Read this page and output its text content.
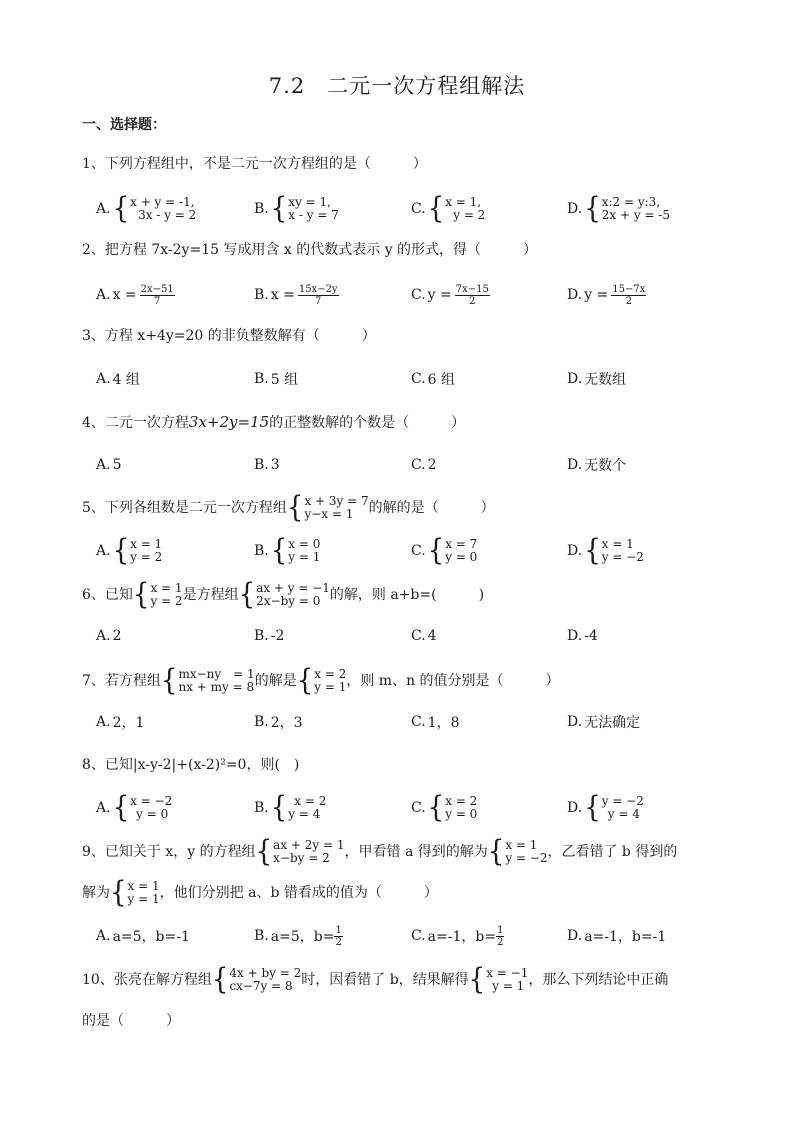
7.2　二元一次方程组解法
一、选择题：
1、下列方程组中，不是二元一次方程组的是（　　　）
A. { x + y = -1,
3x - y = 2	B. { xy = 1,
x - y = 7	C. { x = 1,
y = 2	D. { x:2 = y:3,
2x + y = -5
2、把方程 7x-2y=15 写成用含 x 的代数式表示 y 的形式，得（　　　）
A. $x = \frac{2x-51}{7}$	B. $x = \frac{15x-2y}{7}$	C. $y = \frac{7x-15}{2}$	D. $y = \frac{15-7x}{2}$
3、方程 x+4y=20 的非负整数解有（　　　）
A. 4 组	B. 5 组	C. 6 组	D. 无数组
4、二元一次方程3x+2y=15的正整数解的个数是（　　　）
A. 5	B. 3	C. 2	D. 无数个
5、下列各组数是二元一次方程组 { x + 3y = 7
y−x = 1	的解的是（　　　）
A. { x = 1
y = 2	B. { x = 0
y = 1	C. { x = 7
y = 0	D. { x = 1
y = −2
6、已知 { x = 1
y = 2 是方程组 { ax + y = −1
2x−by = 0 的解，则 a+b=(　　　)
A. 2	B. -2	C. 4	D. -4
7、若方程组 { mx−ny　= 1
nx + my = 8 的解是 { x = 2
y = 1 ，则 m、n 的值分别是（　　　）
A. 2，1	B. 2，3	C. 1，8	D. 无法确定
8、已知|x-y-2|+(x-2)²=0，则(　)
A. { x = −2
y = 0	B. { x = 2
y = 4	C. { x = 2
y = 0	D. { y = −2
y = 4
9、已知关于 x，y 的方程组 { ax + 2y = 1
x−by = 2	，甲看错 a 得到的解为 { x = 1
y = −2 ，乙看错了 b 得到的
解为 { x = 1
y = 1 ，他们分别把 a、b 错看成的值为（　　　）
A. a=5，b=-1	B. a=5，$b= \frac{1}{2}$	C. a=-1，$b= \frac{1}{2}$	D. a=-1，b=-1
10、张亮在解方程组 { 4x + by = 2
cx−7y = 8 时，因看错了 b，结果解得 { x = −1
y = 1 ，那么下列结论中正确
的是（　　　）
